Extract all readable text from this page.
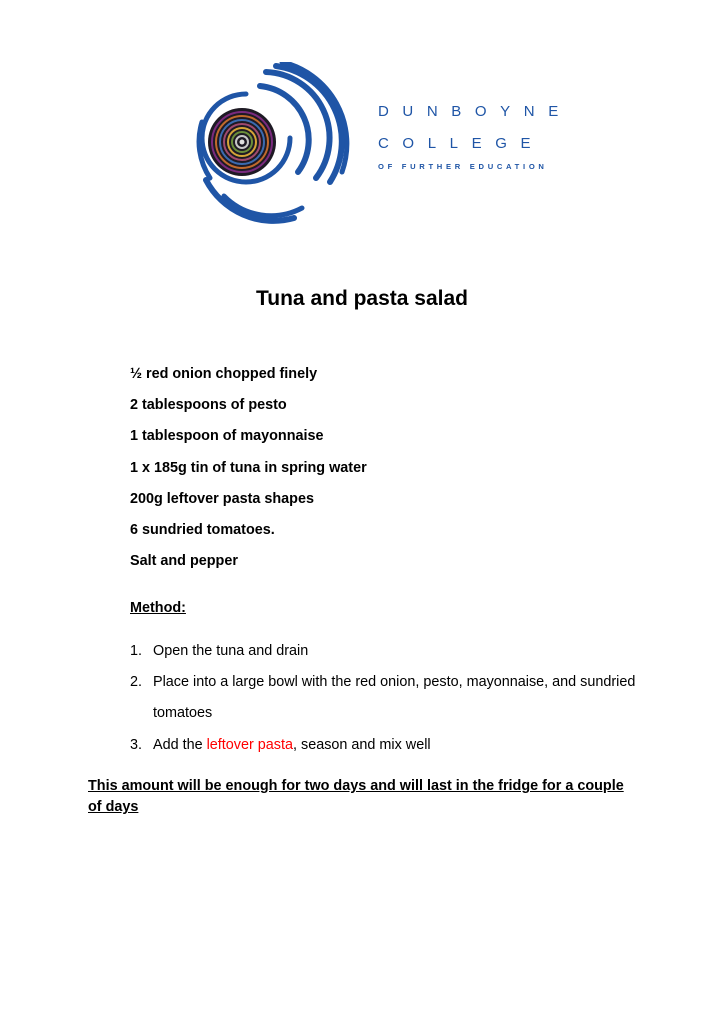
DUNBOYNE
COLLEGE
OF FURTHER EDUCATION
Tuna and pasta salad
½ red onion chopped finely
2 tablespoons of pesto
1 tablespoon of mayonnaise
1 x 185g tin of tuna in spring water
200g leftover pasta shapes
6 sundried tomatoes.
Salt and pepper
Method:
1. Open the tuna and drain
2. Place into a large bowl with the red onion, pesto, mayonnaise, and sundried tomatoes
3. Add the leftover pasta, season and mix well
This amount will be enough for two days and will last in the fridge for a couple of days
